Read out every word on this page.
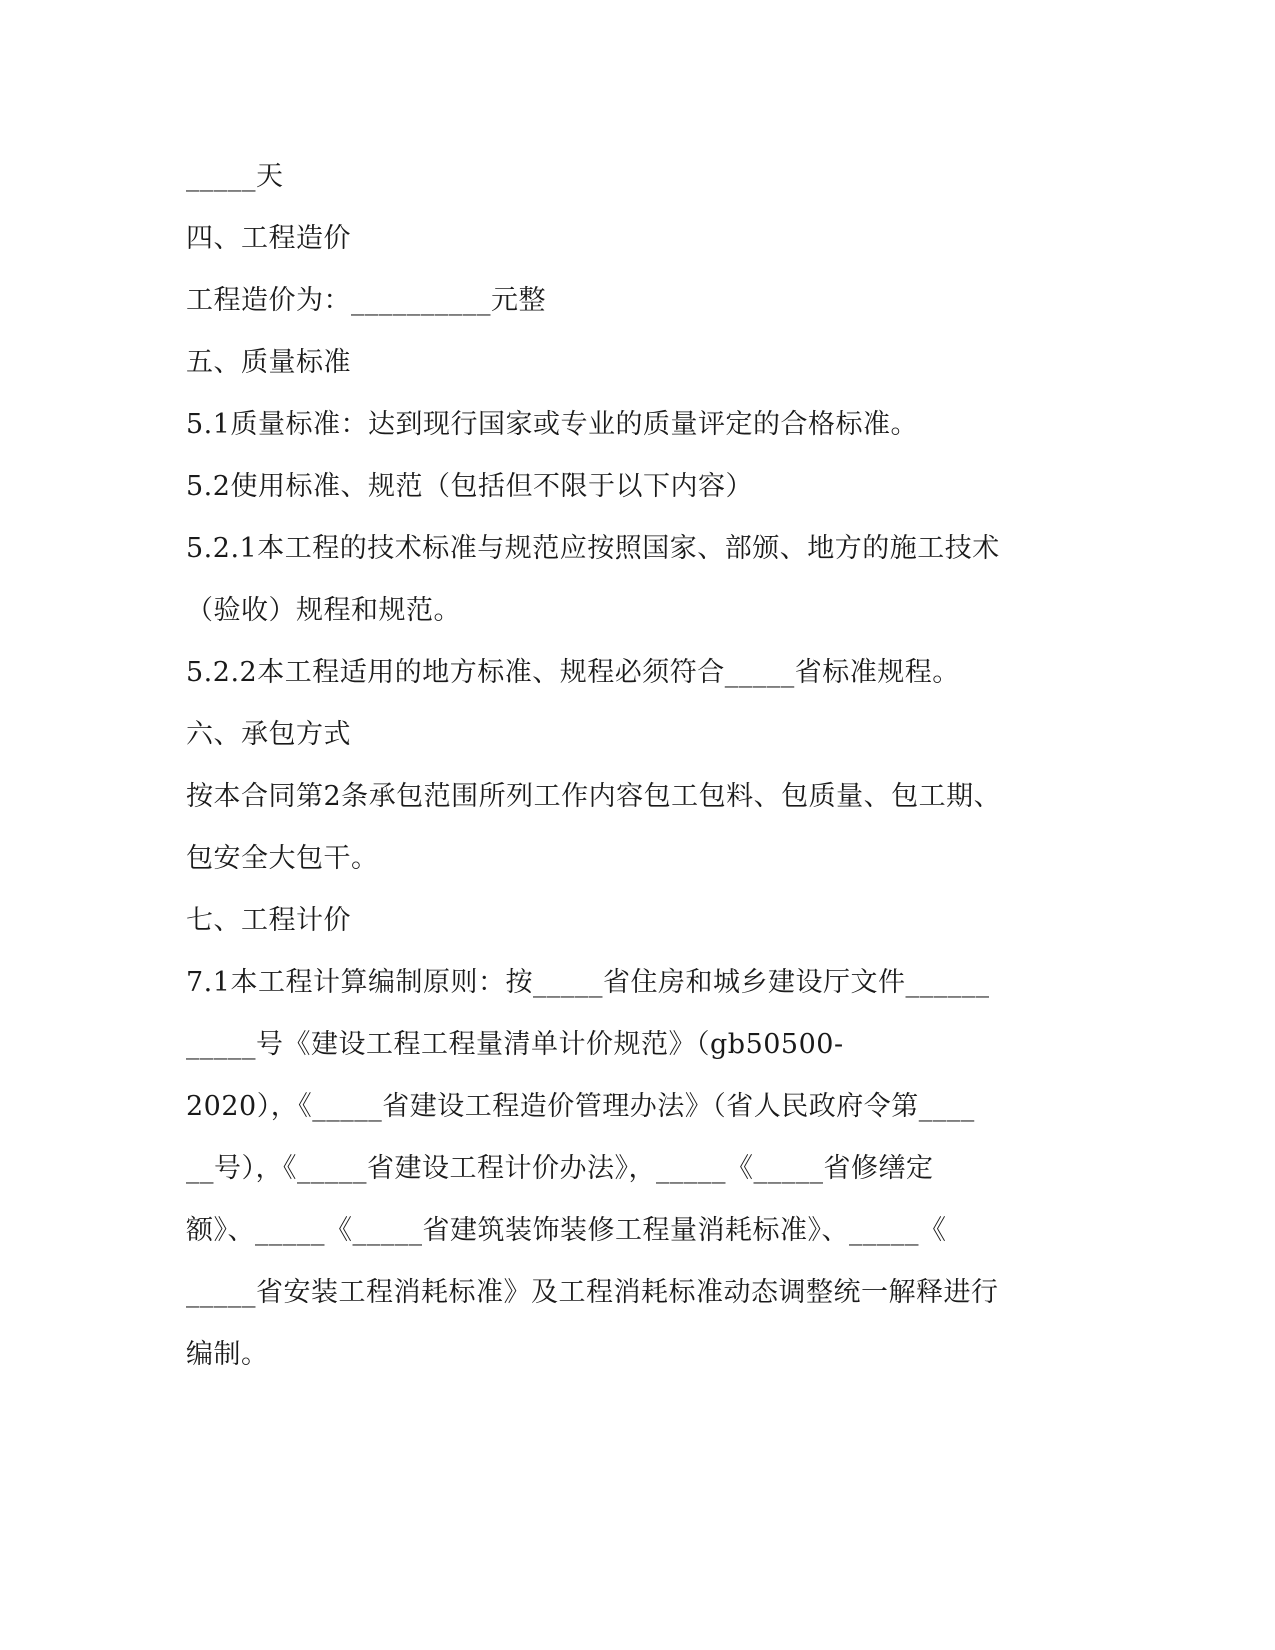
_____天
四、工程造价
工程造价为：__________元整
五、质量标准
5.1质量标准：达到现行国家或专业的质量评定的合格标准。
5.2使用标准、规范（包括但不限于以下内容）
5.2.1本工程的技术标准与规范应按照国家、部颁、地方的施工技术
（验收）规程和规范。
5.2.2本工程适用的地方标准、规程必须符合_____省标准规程。
六、承包方式
按本合同第2条承包范围所列工作内容包工包料、包质量、包工期、
包安全大包干。
七、工程计价
7.1本工程计算编制原则：按_____省住房和城乡建设厅文件______
_____号《建设工程工程量清单计价规范》（gb50500-
2020），《_____省建设工程造价管理办法》（省人民政府令第____
__号），《_____省建设工程计价办法》，_____《_____省修缮定
额》、_____《_____省建筑装饰装修工程量消耗标准》、_____《
_____省安装工程消耗标准》及工程消耗标准动态调整统一解释进行
编制。
